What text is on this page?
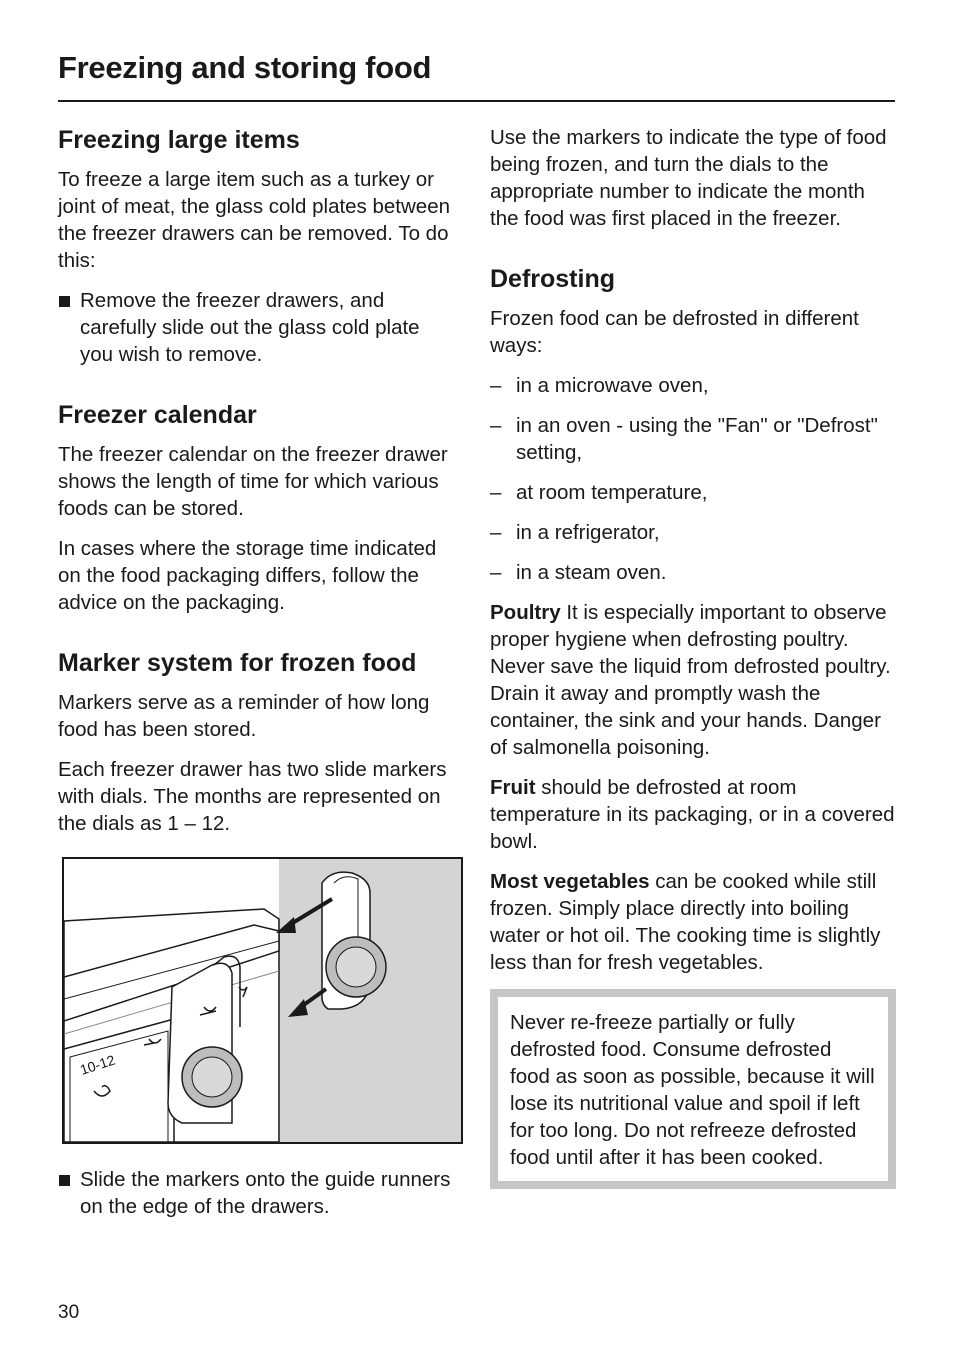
Freezing and storing food
Freezing large items

To freeze a large item such as a turkey or joint of meat, the glass cold plates between the freezer drawers can be removed. To do this:

Remove the freezer drawers, and carefully slide out the glass cold plate you wish to remove.
Freezer calendar

The freezer calendar on the freezer drawer shows the length of time for which various foods can be stored.

In cases where the storage time indicated on the food packaging differs, follow the advice on the packaging.

Marker system for frozen food

Markers serve as a reminder of how long food has been stored.

Each freezer drawer has two slide markers with dials. The months are represented on the dials as 1 – 12.

10-12
Slide the markers onto the guide runners on the edge of the drawers.

Use the markers to indicate the type of food being frozen, and turn the dials to the appropriate number to indicate the month the food was first placed in the freezer.

Defrosting

Frozen food can be defrosted in different ways:

– in a microwave oven,
– in an oven - using the "Fan" or "Defrost" setting,
– at room temperature,
– in a refrigerator,
– in a steam oven.

Poultry It is especially important to observe proper hygiene when defrosting poultry. Never save the liquid from defrosted poultry. Drain it away and promptly wash the container, the sink and your hands. Danger of salmonella poisoning.

Fruit should be defrosted at room temperature in its packaging, or in a covered bowl.

Most vegetables can be cooked while still frozen. Simply place directly into boiling water or hot oil. The cooking time is slightly less than for fresh vegetables.

Never re-freeze partially or fully defrosted food. Consume defrosted food as soon as possible, because it will lose its nutritional value and spoil if left for too long. Do not refreeze defrosted food until after it has been cooked.

30
